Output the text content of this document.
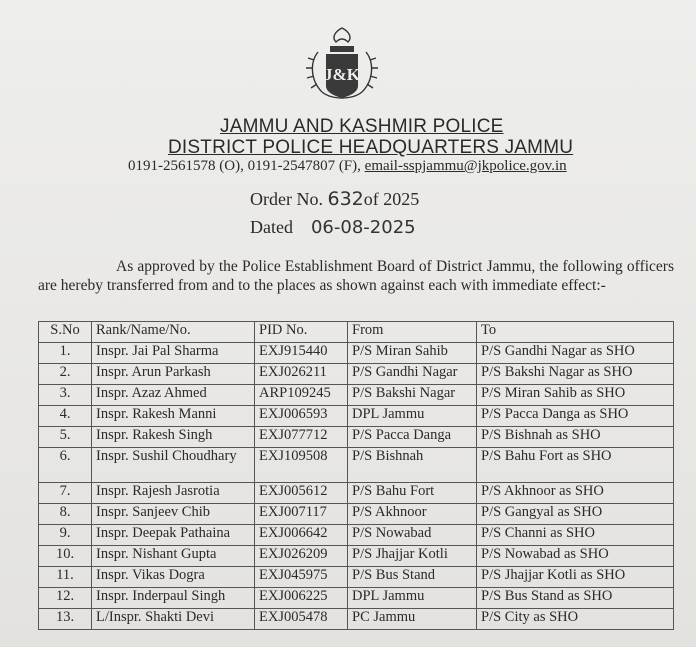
J&K
JAMMU AND KASHMIR POLICE
DISTRICT POLICE HEADQUARTERS JAMMU
0191-2561578 (O), 0191-2547807 (F), email-sspjammu@jkpolice.gov.in
Order No. 632of 2025
Dated 06-08-2025
As approved by the Police Establishment Board of District Jammu, the following officers are hereby transferred from and to the places as shown against each with immediate effect:-
S.No	Rank/Name/No.	PID No.	From	To
1.	Inspr. Jai Pal Sharma	EXJ915440	P/S Miran Sahib	P/S Gandhi Nagar as SHO
2.	Inspr. Arun Parkash	EXJ026211	P/S Gandhi Nagar	P/S Bakshi Nagar as SHO
3.	Inspr. Azaz Ahmed	ARP109245	P/S Bakshi Nagar	P/S Miran Sahib as SHO
4.	Inspr. Rakesh Manni	EXJ006593	DPL Jammu	P/S Pacca Danga as SHO
5.	Inspr. Rakesh Singh	EXJ077712	P/S Pacca Danga	P/S Bishnah as SHO
6.	Inspr. Sushil Choudhary	EXJ109508	P/S Bishnah	P/S Bahu Fort as SHO
7.	Inspr. Rajesh Jasrotia	EXJ005612	P/S Bahu Fort	P/S Akhnoor as SHO
8.	Inspr. Sanjeev Chib	EXJ007117	P/S Akhnoor	P/S Gangyal as SHO
9.	Inspr. Deepak Pathaina	EXJ006642	P/S Nowabad	P/S Channi as SHO
10.	Inspr. Nishant Gupta	EXJ026209	P/S Jhajjar Kotli	P/S Nowabad as SHO
11.	Inspr. Vikas Dogra	EXJ045975	P/S Bus Stand	P/S Jhajjar Kotli as SHO
12.	Inspr. Inderpaul Singh	EXJ006225	DPL Jammu	P/S Bus Stand as SHO
13.	L/Inspr. Shakti Devi	EXJ005478	PC Jammu	P/S City as SHO
